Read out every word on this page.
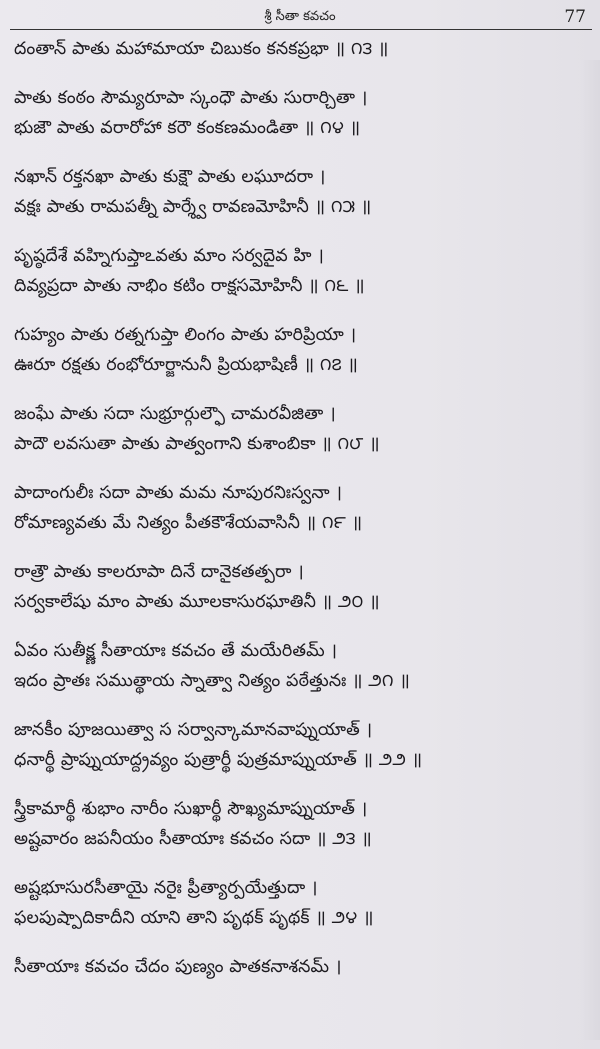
శ్రీ సీతా కవచం	77
దంతాన్ పాతు మహామాయా చిబుకం కనకప్రభా ॥ ౧౩ ॥
పాతు కంఠం సౌమ్యరూపా స్కంధౌ పాతు సురార్చితా ।
భుజౌ పాతు వరారోహా కరౌ కంకణమండితా ॥ ౧౪ ॥
నఖాన్ రక్తనఖా పాతు కుక్షౌ పాతు లఘూదరా ।
వక్షః పాతు రామపత్నీ పార్శ్వే రావణమోహినీ ॥ ౧౫ ॥
పృష్ఠదేశే వహ్నిగుప్తాఽవతు మాం సర్వదైవ హి ।
దివ్యప్రదా పాతు నాభిం కటిం రాక్షసమోహినీ ॥ ౧౬ ॥
గుహ్యం పాతు రత్నగుప్తా లింగం పాతు హరిప్రియా ।
ఊరూ రక్షతు రంభోరూర్జానునీ ప్రియభాషిణీ ॥ ౧౭ ॥
జంఘే పాతు సదా సుభ్రూర్గుల్ఫౌ చామరవీజితా ।
పాదౌ లవసుతా పాతు పాత్వంగాని కుశాంబికా ॥ ౧౮ ॥
పాదాంగులీః సదా పాతు మమ నూపురనిఃస్వనా ।
రోమాణ్యవతు మే నిత్యం పీతకౌశేయవాసినీ ॥ ౧౯ ॥
రాత్రౌ పాతు కాలరూపా దినే దానైకతత్పరా ।
సర్వకాలేషు మాం పాతు మూలకాసురఘాతినీ ॥ ౨౦ ॥
ఏవం సుతీక్ష్ణ సీతాయాః కవచం తే మయేరితమ్ ।
ఇదం ప్రాతః సముత్థాయ స్నాత్వా నిత్యం పఠేత్తునః ॥ ౨౧ ॥
జానకీం పూజయిత్వా స సర్వాన్కామానవాప్నుయాత్ ।
ధనార్థీ ప్రాప్నుయాద్ద్రవ్యం పుత్రార్థీ పుత్రమాప్నుయాత్ ॥ ౨౨ ॥
స్త్రీకామార్థీ శుభాం నారీం సుఖార్థీ సౌఖ్యమాప్నుయాత్ ।
అష్టవారం జపనీయం సీతాయాః కవచం సదా ॥ ౨౩ ॥
అష్టభూసురసీతాయై నరైః ప్రీత్యార్పయేత్తుదా ।
ఫలపుష్పాదికాదీని యాని తాని పృథక్ పృథక్ ॥ ౨౪ ॥
సీతాయాః కవచం చేదం పుణ్యం పాతకనాశనమ్ ।
